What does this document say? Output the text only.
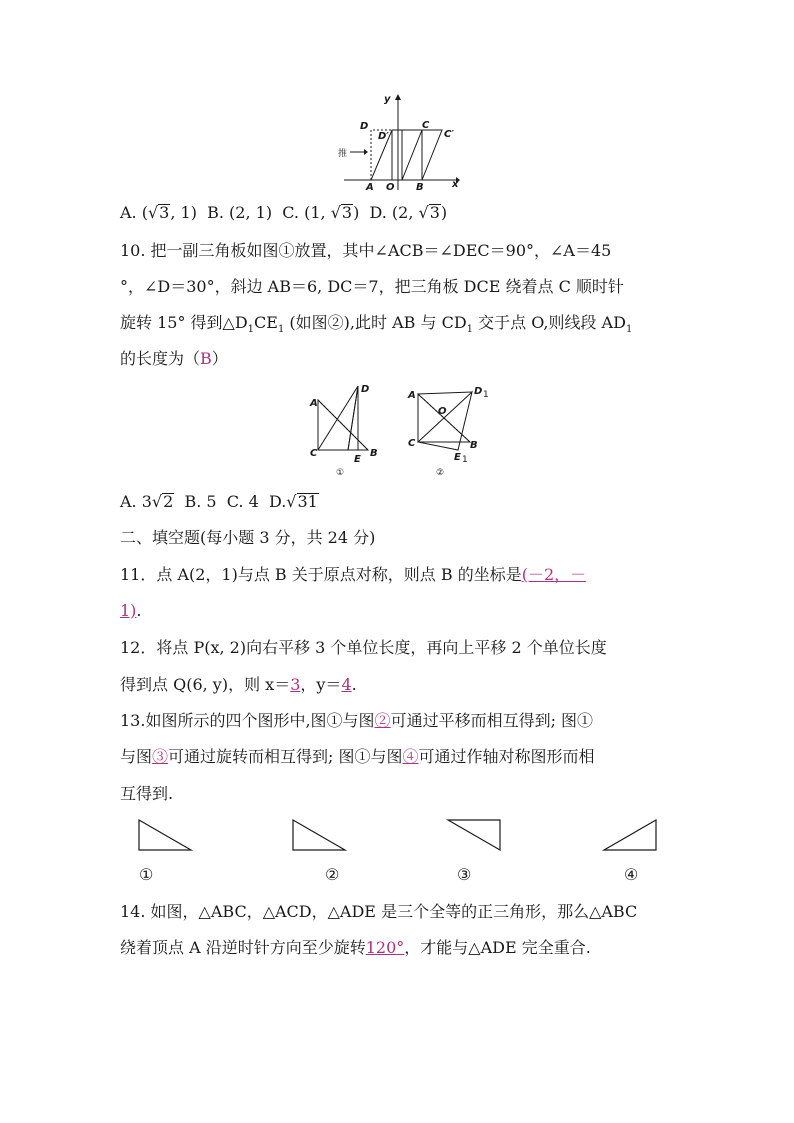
y
x
D
D′
C
C′
A O B
推
A. (√3, 1) B. (2, 1) C. (1, √3) D. (2, √3)
10. 把一副三角板如图①放置，其中∠ACB＝∠DEC＝90°，∠A＝45
°，∠D＝30°，斜边 AB＝6, DC＝7，把三角板 DCE 绕着点 C 顺时针
旋转 15° 得到$\triangle D_1CE_1$ (如图②),此时 AB 与 $CD_1$ 交于点 O,则线段 $AD_1$
的长度为（B）
A
D
C
E
B
①
A	D 1
O
C	B
E 1
②
A. 3√2 B. 5 C. 4 D.√31
二、填空题(每小题 3 分，共 24 分)
11．点 A(2，1)与点 B 关于原点对称，则点 B 的坐标是(－2，－
1).
12．将点 P(x, 2)向右平移 3 个单位长度，再向上平移 2 个单位长度
得到点 Q(6, y)，则 x＝3，y＝4.
13.如图所示的四个图形中,图①与图②可通过平移而相互得到; 图①
与图③可通过旋转而相互得到; 图①与图④可通过作轴对称图形而相
互得到.
①	②	③	④
14. 如图，△ABC，△ACD，△ADE 是三个全等的正三角形，那么△ABC
绕着顶点 A 沿逆时针方向至少旋转120°，才能与△ADE 完全重合.
